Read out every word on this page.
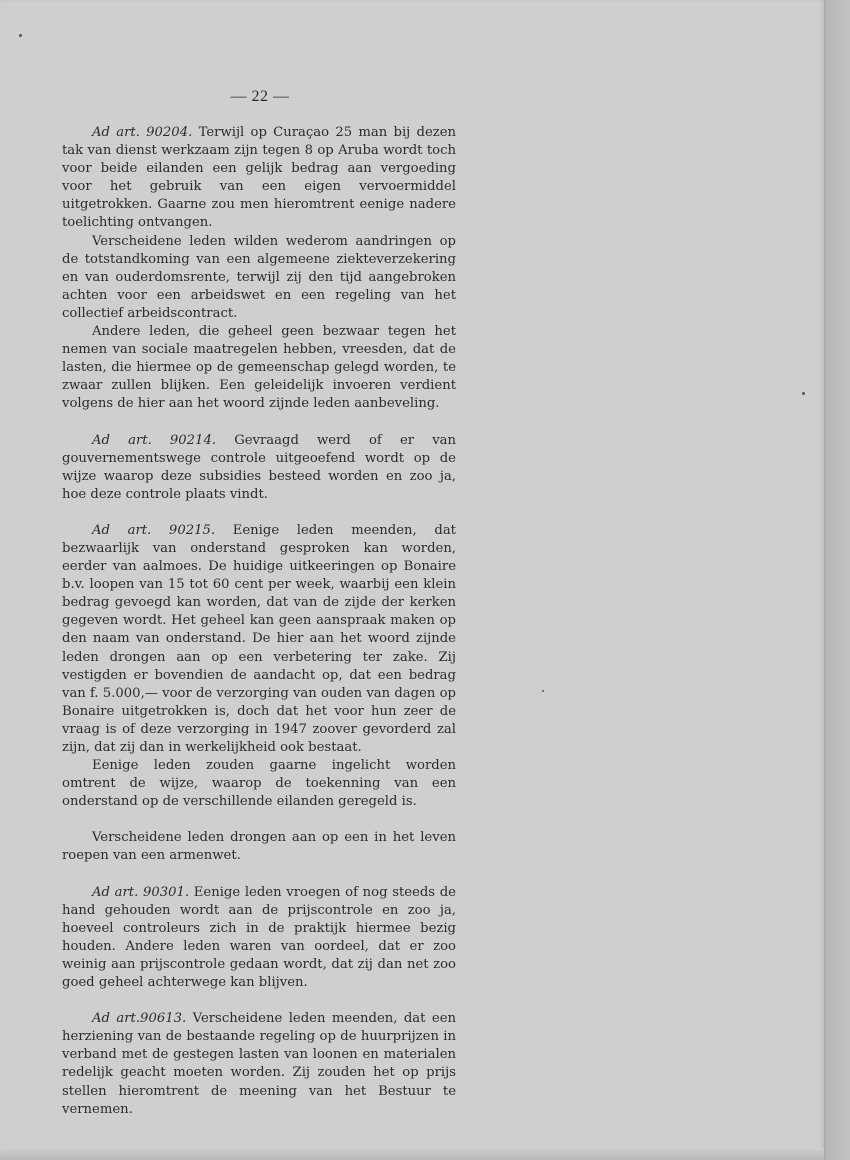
— 22 —

Ad art. 90204. Terwijl op Curaçao 25 man bij dezen tak van dienst werkzaam zijn tegen 8 op Aruba wordt toch voor beide eilanden een gelijk bedrag aan vergoeding voor het gebruik van een eigen vervoermiddel uitgetrokken. Gaarne zou men hieromtrent eenige nadere toelichting ontvangen.

Verscheidene leden wilden wederom aandringen op de totstandkoming van een algemeene ziekteverzekering en van ouderdomsrente, terwijl zij den tijd aangebroken achten voor een arbeidswet en een regeling van het collectief arbeidscontract.

Andere leden, die geheel geen bezwaar tegen het nemen van sociale maatregelen hebben, vreesden, dat de lasten, die hiermee op de gemeenschap gelegd worden, te zwaar zullen blijken. Een geleidelijk invoeren verdient volgens de hier aan het woord zijnde leden aanbeveling.

Ad art. 90214. Gevraagd werd of er van gouvernementswege controle uitgeoefend wordt op de wijze waarop deze subsidies besteed worden en zoo ja, hoe deze controle plaats vindt.

Ad art. 90215. Eenige leden meenden, dat bezwaarlijk van onderstand gesproken kan worden, eerder van aalmoes. De huidige uitkeeringen op Bonaire b.v. loopen van 15 tot 60 cent per week, waarbij een klein bedrag gevoegd kan worden, dat van de zijde der kerken gegeven wordt. Het geheel kan geen aanspraak maken op den naam van onderstand. De hier aan het woord zijnde leden drongen aan op een verbetering ter zake. Zij vestigden er bovendien de aandacht op, dat een bedrag van f. 5.000,— voor de verzorging van ouden van dagen op Bonaire uitgetrokken is, doch dat het voor hun zeer de vraag is of deze verzorging in 1947 zoover gevorderd zal zijn, dat zij dan in werkelijkheid ook bestaat.

Eenige leden zouden gaarne ingelicht worden omtrent de wijze, waarop de toekenning van een onderstand op de verschillende eilanden geregeld is.

Verscheidene leden drongen aan op een in het leven roepen van een armenwet.

Ad art. 90301. Eenige leden vroegen of nog steeds de hand gehouden wordt aan de prijscontrole en zoo ja, hoeveel controleurs zich in de praktijk hiermee bezig houden. Andere leden waren van oordeel, dat er zoo weinig aan prijscontrole gedaan wordt, dat zij dan net zoo goed geheel achterwege kan blijven.

Ad art.90613. Verscheidene leden meenden, dat een herziening van de bestaande regeling op de huurprijzen in verband met de gestegen lasten van loonen en materialen redelijk geacht moeten worden. Zij zouden het op prijs stellen hieromtrent de meening van het Bestuur te vernemen.
